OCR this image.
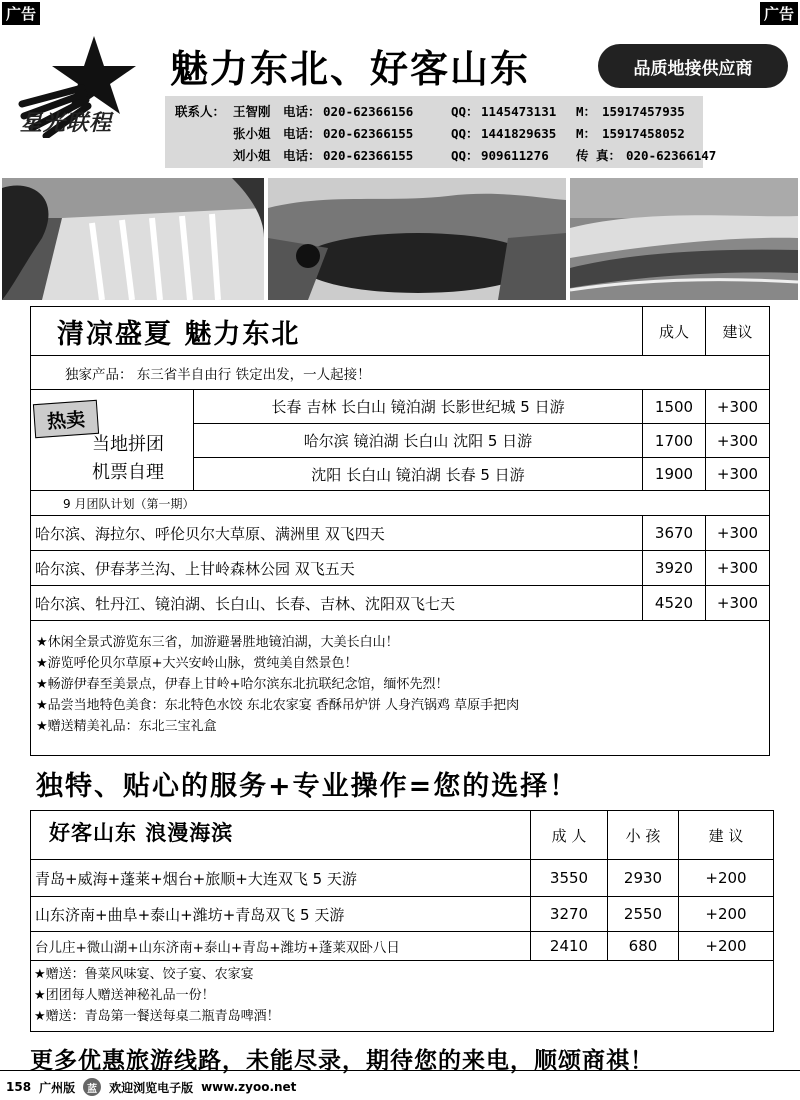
广告	广告
星光联程
魅力东北、好客山东	品质地接供应商
联系人： 王智刚 电话： 020-62366156	QQ： 1145473131 M： 15917457935
张小姐 电话： 020-62366155	QQ： 1441829635 M： 15917458052
刘小姐 电话： 020-62366155	QQ： 909611276 传 真： 020-62366147
清凉盛夏 魅力东北	成人	建议
独家产品： 东三省半自由行 铁定出发，一人起接！
热卖
当地拼团
机票自理
长春 吉林 长白山 镜泊湖 长影世纪城 5 日游	1500	+300
哈尔滨 镜泊湖 长白山 沈阳 5 日游	1700	+300
沈阳 长白山 镜泊湖 长春 5 日游	1900	+300
9 月团队计划（第一期）
哈尔滨、海拉尔、呼伦贝尔大草原、满洲里 双飞四天	3670	+300
哈尔滨、伊春茅兰沟、上甘岭森林公园 双飞五天	3920	+300
哈尔滨、牡丹江、镜泊湖、长白山、长春、吉林、沈阳双飞七天	4520	+300
★休闲全景式游览东三省，加游避暑胜地镜泊湖，大美长白山！
★游览呼伦贝尔草原+大兴安岭山脉，赏纯美自然景色！
★畅游伊春至美景点，伊春上甘岭+哈尔滨东北抗联纪念馆，缅怀先烈！
★品尝当地特色美食：东北特色水饺 东北农家宴 香酥吊炉饼 人身汽锅鸡 草原手把肉
★赠送精美礼品：东北三宝礼盒
独特、贴心的服务+专业操作=您的选择！
好客山东 浪漫海滨	成 人	小 孩	建 议
青岛+威海+蓬莱+烟台+旅顺+大连双飞 5 天游	3550	2930	+200
山东济南+曲阜+泰山+潍坊+青岛双飞 5 天游	3270	2550	+200
台儿庄+微山湖+山东济南+泰山+青岛+潍坊+蓬莱双卧八日	2410	680	+200
★赠送：鲁菜风味宴、饺子宴、农家宴
★团团每人赠送神秘礼品一份！
★赠送：青岛第一餐送每桌二瓶青岛啤酒！
更多优惠旅游线路，未能尽录，期待您的来电，顺颂商祺！
158 广州版	蓝	欢迎浏览电子版 www.zyoo.net
